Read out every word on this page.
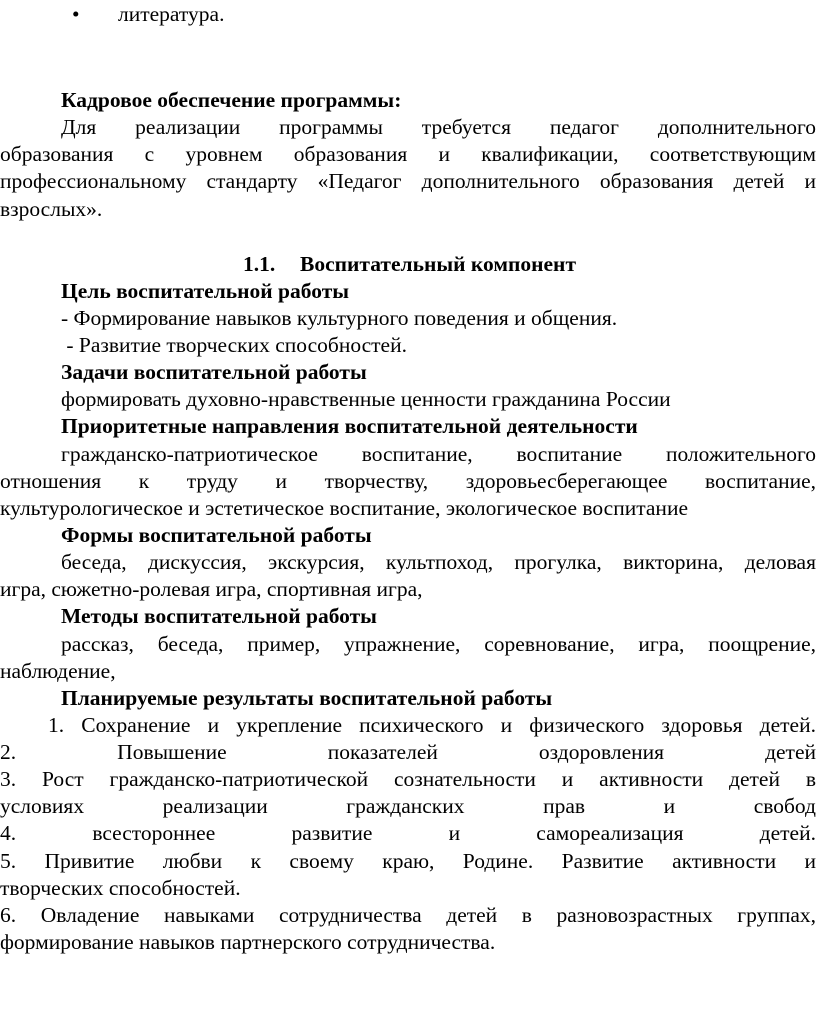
• литература.
Кадровое обеспечение программы:
Для реализации программы требуется педагог дополнительного
образования с уровнем образования и квалификации, соответствующим
профессиональному стандарту «Педагог дополнительного образования детей и
взрослых».
1.1. Воспитательный компонент
Цель воспитательной работы
- Формирование навыков культурного поведения и общения.
- Развитие творческих способностей.
Задачи воспитательной работы
формировать духовно-нравственные ценности гражданина России
Приоритетные направления воспитательной деятельности
гражданско-патриотическое воспитание, воспитание положительного
отношения к труду и творчеству, здоровьесберегающее воспитание,
культурологическое и эстетическое воспитание, экологическое воспитание
Формы воспитательной работы
беседа, дискуссия, экскурсия, культпоход, прогулка, викторина, деловая
игра, сюжетно-ролевая игра, спортивная игра,
Методы воспитательной работы
рассказ, беседа, пример, упражнение, соревнование, игра, поощрение,
наблюдение,
Планируемые результаты воспитательной работы
1. Сохранение и укрепление психического и физического здоровья детей.
2. Повышение показателей оздоровления детей
3. Рост гражданско-патриотической сознательности и активности детей в
условиях реализации гражданских прав и свобод
4. всестороннее развитие и самореализация детей.
5. Привитие любви к своему краю, Родине. Развитие активности и
творческих способностей.
6. Овладение навыками сотрудничества детей в разновозрастных группах,
формирование навыков партнерского сотрудничества.
